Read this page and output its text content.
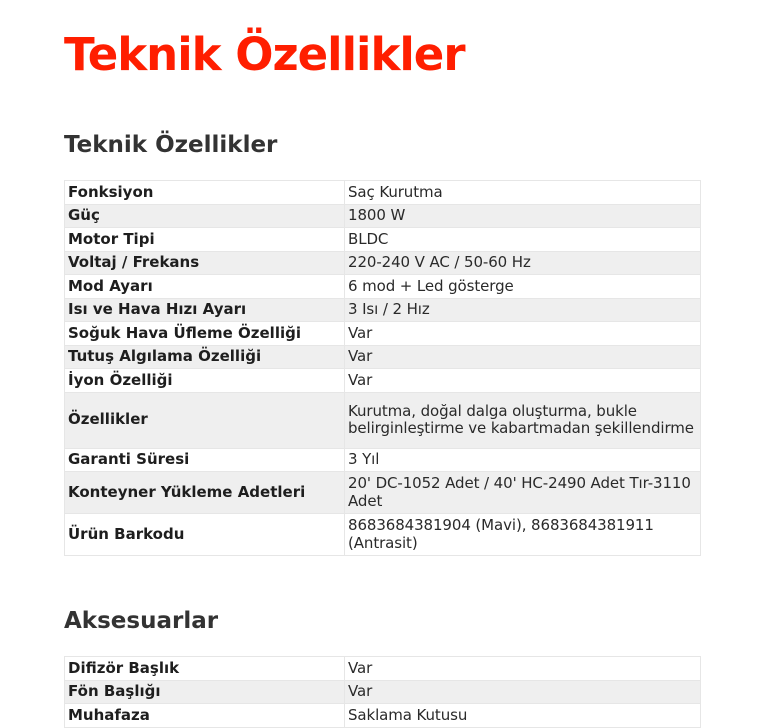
Teknik Özellikler
Teknik Özellikler
Fonksiyon	Saç Kurutma
Güç	1800 W
Motor Tipi	BLDC
Voltaj / Frekans	220-240 V AC / 50-60 Hz
Mod Ayarı	6 mod + Led gösterge
Isı ve Hava Hızı Ayarı	3 Isı / 2 Hız
Soğuk Hava Üfleme Özelliği	Var
Tutuş Algılama Özelliği	Var
İyon Özelliği	Var
Özellikler	Kurutma, doğal dalga oluşturma, bukle belirginleştirme ve kabartmadan şekillendirme
Garanti Süresi	3 Yıl
Konteyner Yükleme Adetleri	20' DC-1052 Adet / 40' HC-2490 Adet Tır-3110 Adet
Ürün Barkodu	8683684381904 (Mavi), 8683684381911 (Antrasit)
Aksesuarlar
Difizör Başlık	Var
Fön Başlığı	Var
Muhafaza	Saklama Kutusu
